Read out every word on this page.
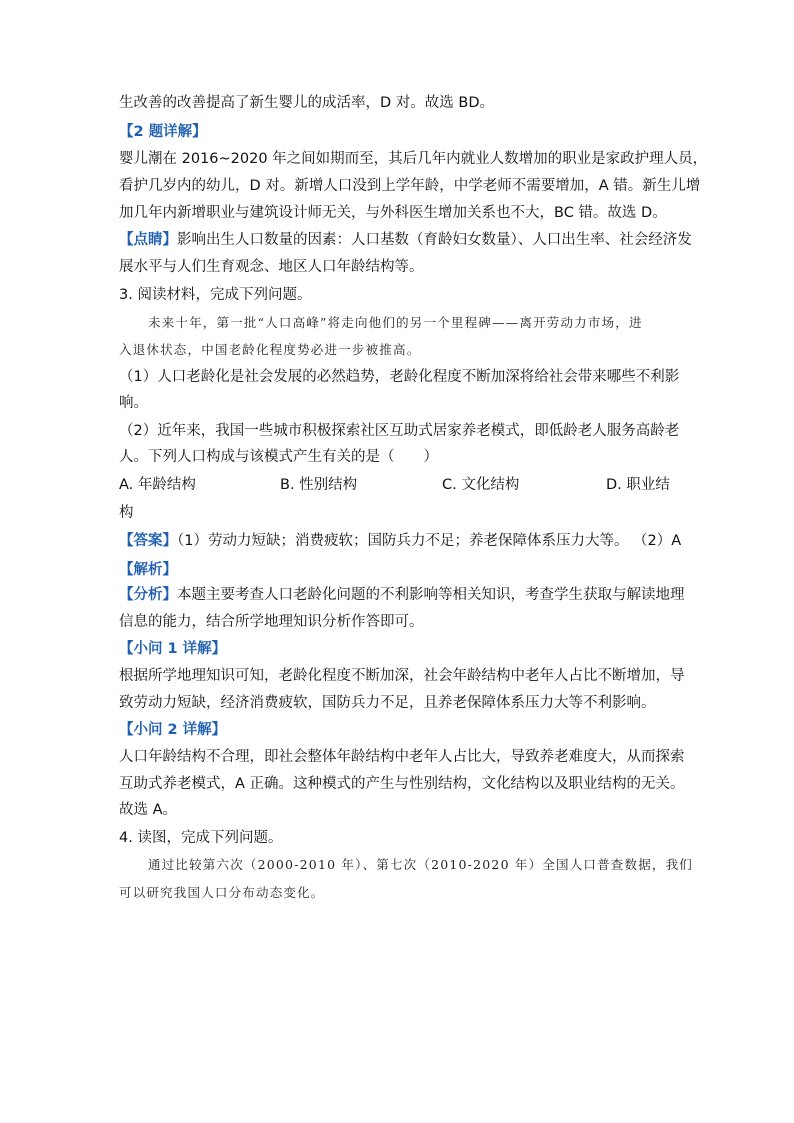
生改善的改善提高了新生婴儿的成活率，D 对。故选 BD。
【2 题详解】
婴儿潮在 2016~2020 年之间如期而至，其后几年内就业人数增加的职业是家政护理人员，
看护几岁内的幼儿，D 对。新增人口没到上学年龄，中学老师不需要增加，A 错。新生儿增
加几年内新增职业与建筑设计师无关，与外科医生增加关系也不大，BC 错。故选 D。
【点睛】影响出生人口数量的因素：人口基数（育龄妇女数量）、人口出生率、社会经济发
展水平与人们生育观念、地区人口年龄结构等。
3. 阅读材料，完成下列问题。
未来十年，第一批“人口高峰”将走向他们的另一个里程碑——离开劳动力市场，进
入退休状态，中国老龄化程度势必进一步被推高。
（1）人口老龄化是社会发展的必然趋势，老龄化程度不断加深将给社会带来哪些不利影
响。
（2）近年来，我国一些城市积极探索社区互助式居家养老模式，即低龄老人服务高龄老
人。下列人口构成与该模式产生有关的是（　　）
A. 年龄结构	B. 性别结构	C. 文化结构	D. 职业结
构
【答案】（1）劳动力短缺；消费疲软；国防兵力不足；养老保障体系压力大等。 （2）A
【解析】
【分析】本题主要考查人口老龄化问题的不利影响等相关知识，考查学生获取与解读地理
信息的能力，结合所学地理知识分析作答即可。
【小问 1 详解】
根据所学地理知识可知，老龄化程度不断加深，社会年龄结构中老年人占比不断增加，导
致劳动力短缺，经济消费疲软，国防兵力不足，且养老保障体系压力大等不利影响。
【小问 2 详解】
人口年龄结构不合理，即社会整体年龄结构中老年人占比大，导致养老难度大，从而探索
互助式养老模式，A 正确。这种模式的产生与性别结构，文化结构以及职业结构的无关。
故选 A。
4. 读图，完成下列问题。
通过比较第六次（2000-2010 年）、第七次（2010-2020 年）全国人口普查数据，我们
可以研究我国人口分布动态变化。
